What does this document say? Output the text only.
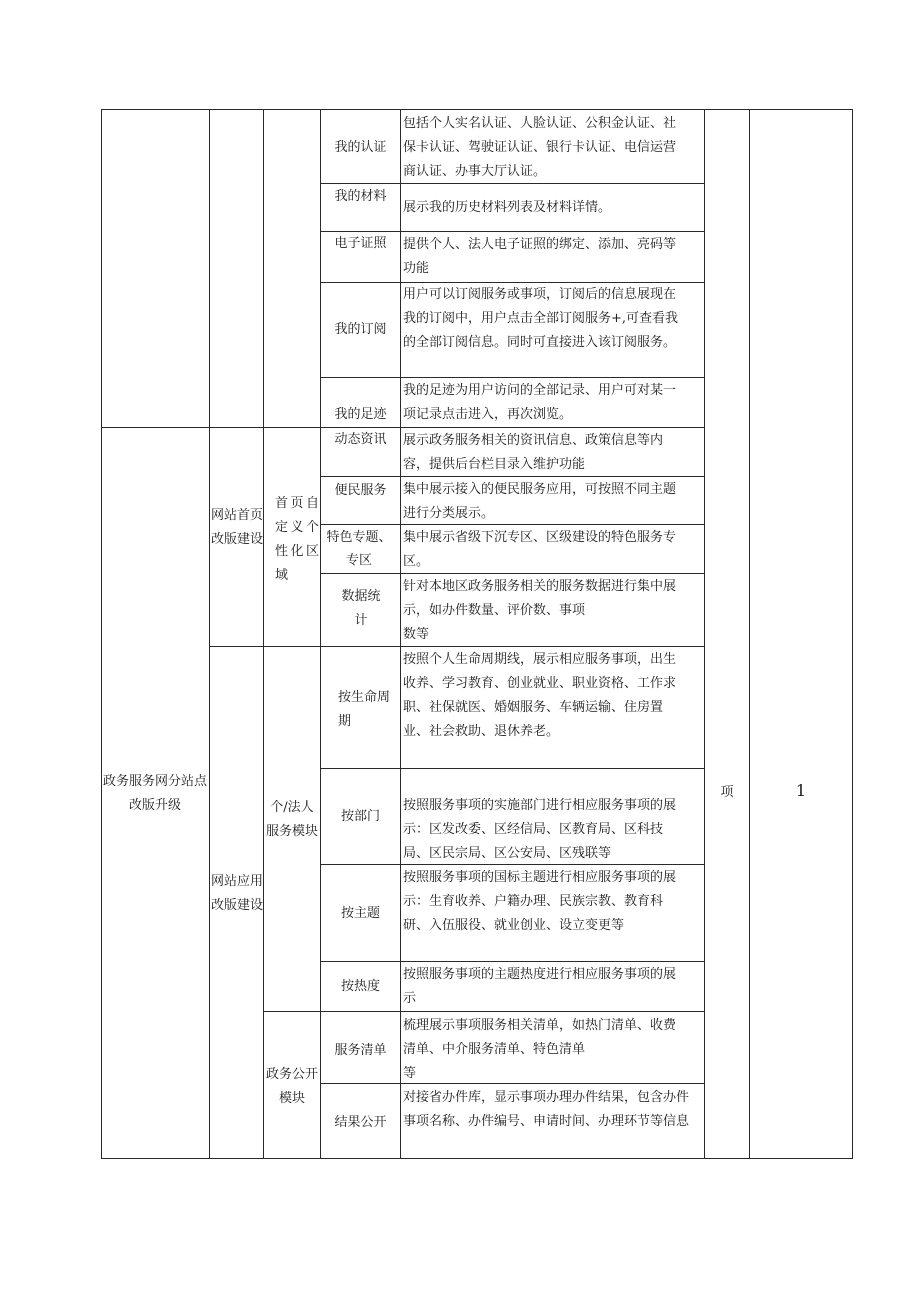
政务服务网分站点改版升级
网站首页改版建设
网站应用改版建设
首页自定义个性化区域
个/法人服务模块
政务公开模块
项	1
我的认证
我的材料
电子证照
我的订阅
我的足迹
动态资讯
便民服务
特色专题、专区
数据统计
按生命周期
按部门
按主题
按热度
服务清单
结果公开
包括个人实名认证、人脸认证、公积金认证、社
保卡认证、驾驶证认证、银行卡认证、电信运营
商认证、办事大厅认证。
展示我的历史材料列表及材料详情。
提供个人、法人电子证照的绑定、添加、亮码等
功能
用户可以订阅服务或事项，订阅后的信息展现在
我的订阅中，用户点击全部订阅服务+,可查看我
的全部订阅信息。同时可直接进入该订阅服务。
我的足迹为用户访问的全部记录、用户可对某一
项记录点击进入，再次浏览。
展示政务服务相关的资讯信息、政策信息等内
容，提供后台栏目录入维护功能
集中展示接入的便民服务应用，可按照不同主题
进行分类展示。
集中展示省级下沉专区、区级建设的特色服务专
区。
针对本地区政务服务相关的服务数据进行集中展
示，如办件数量、评价数、事项
数等
按照个人生命周期线，展示相应服务事项，出生
收养、学习教育、创业就业、职业资格、工作求
职、社保就医、婚姻服务、车辆运输、住房置
业、社会救助、退休养老。
按照服务事项的实施部门进行相应服务事项的展
示：区发改委、区经信局、区教育局、区科技
局、区民宗局、区公安局、区残联等
按照服务事项的国标主题进行相应服务事项的展
示：生育收养、户籍办理、民族宗教、教育科
研、入伍服役、就业创业、设立变更等
按照服务事项的主题热度进行相应服务事项的展
示
梳理展示事项服务相关清单，如热门清单、收费
清单、中介服务清单、特色清单
等
对接省办件库，显示事项办理办件结果，包含办件
事项名称、办件编号、申请时间、办理环节等信息
